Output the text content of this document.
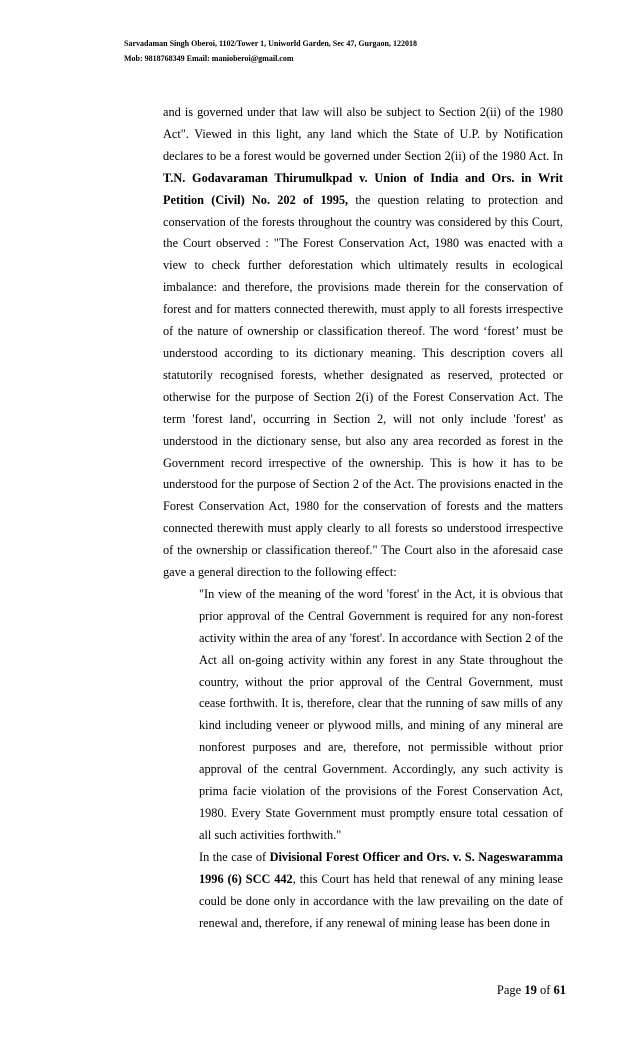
Sarvadaman Singh Oberoi, 1102/Tower 1, Uniworld Garden, Sec 47, Gurgaon, 122018
Mob: 9818768349 Email: manioberoi@gmail.com

and is governed under that law will also be subject to Section 2(ii) of the 1980 Act". Viewed in this light, any land which the State of U.P. by Notification declares to be a forest would be governed under Section 2(ii) of the 1980 Act. In T.N. Godavaraman Thirumulkpad v. Union of India and Ors. in Writ Petition (Civil) No. 202 of 1995, the question relating to protection and conservation of the forests throughout the country was considered by this Court, the Court observed : "The Forest Conservation Act, 1980 was enacted with a view to check further deforestation which ultimately results in ecological imbalance: and therefore, the provisions made therein for the conservation of forest and for matters connected therewith, must apply to all forests irrespective of the nature of ownership or classification thereof. The word ‘forest’ must be understood according to its dictionary meaning. This description covers all statutorily recognised forests, whether designated as reserved, protected or otherwise for the purpose of Section 2(i) of the Forest Conservation Act. The term 'forest land', occurring in Section 2, will not only include 'forest' as understood in the dictionary sense, but also any area recorded as forest in the Government record irrespective of the ownership. This is how it has to be understood for the purpose of Section 2 of the Act. The provisions enacted in the Forest Conservation Act, 1980 for the conservation of forests and the matters connected therewith must apply clearly to all forests so understood irrespective of the ownership or classification thereof." The Court also in the aforesaid case gave a general direction to the following effect:

"In view of the meaning of the word 'forest' in the Act, it is obvious that prior approval of the Central Government is required for any non-forest activity within the area of any 'forest'. In accordance with Section 2 of the Act all on-going activity within any forest in any State throughout the country, without the prior approval of the Central Government, must cease forthwith. It is, therefore, clear that the running of saw mills of any kind including veneer or plywood mills, and mining of any mineral are nonforest purposes and are, therefore, not permissible without prior approval of the central Government. Accordingly, any such activity is prima facie violation of the provisions of the Forest Conservation Act, 1980. Every State Government must promptly ensure total cessation of all such activities forthwith."

In the case of Divisional Forest Officer and Ors. v. S. Nageswaramma 1996 (6) SCC 442, this Court has held that renewal of any mining lease could be done only in accordance with the law prevailing on the date of renewal and, therefore, if any renewal of mining lease has been done in

Page 19 of 61
